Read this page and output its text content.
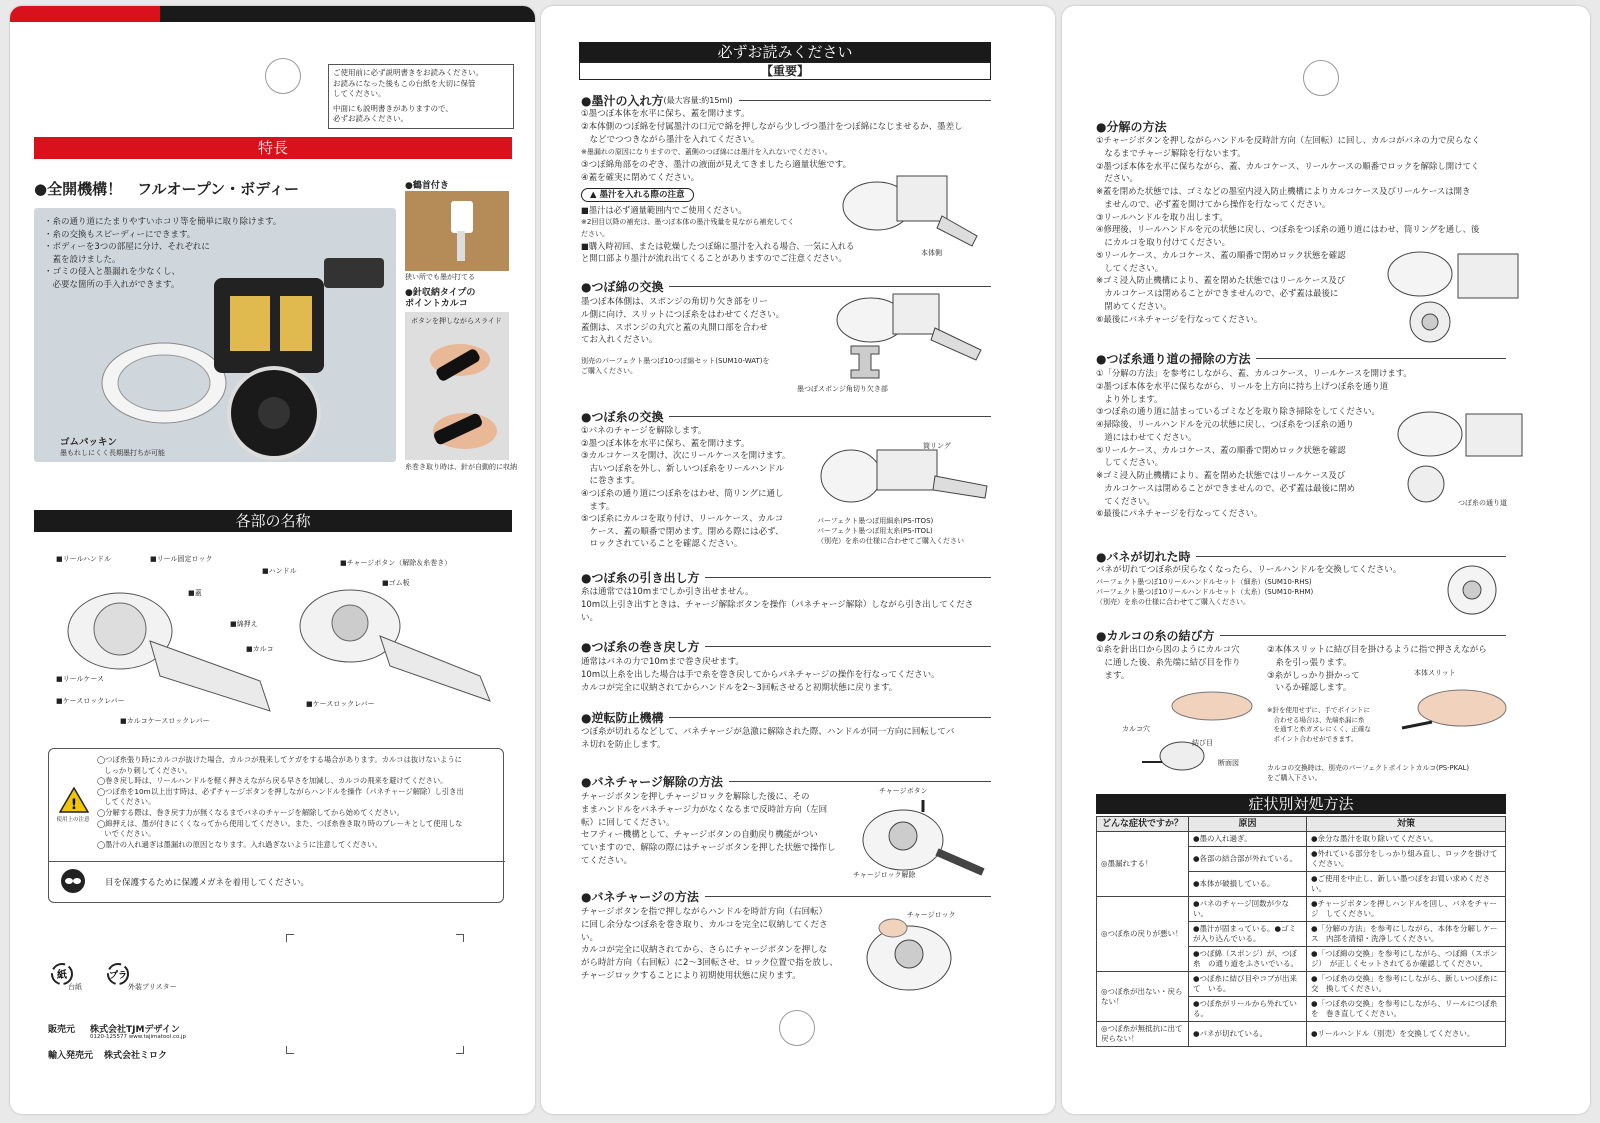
ご使用前に必ず説明書きをお読みください。
お読みになった後もこの台紙を大切に保管
してください。
中面にも説明書きがありますので、
必ずお読みください。
特長
●全開機構！　フルオープン・ボディー
・糸の通り道にたまりやすいホコリ等を簡単に取り除けます。
・糸の交換もスピーディーにできます。
・ボディーを3つの部屋に分け、それぞれに
　蓋を設けました。
・ゴミの侵入と墨漏れを少なくし、
　必要な箇所の手入れができます。
ゴムパッキン
墨もれしにくく長期墨打ちが可能
●鶴首付き
狭い所でも墨が打てる
●針収納タイプの
ポイントカルコ
ボタンを押しながらスライド
糸巻き取り時は、針が自動的に収納
各部の名称
■リールハンドル	■リール固定ロック
■蓋
■綿押え
■カルコ
■リールケース
■ケースロックレバー
■カルコケースロックレバー
■チャージボタン（解除＆糸巻き）
■ハンドル
■ゴム板
■ケースロックレバー
!
使用上の注意
◯つぼ糸張り時にカルコが抜けた場合、カルコが飛来してケガをする場合があります。カルコは抜けないように
　しっかり刺してください。
◯巻き戻し時は、リールハンドルを軽く押さえながら戻る早さを加減し、カルコの飛来を避けてください。
◯つぼ糸を10m以上出す時は、必ずチャージボタンを押しながらハンドルを操作（パネチャージ解除）し引き出
　してください。
◯分解する際は、巻き戻す力が無くなるまでバネのチャージを解除してから始めてください。
◯綿押えは、墨が付きにくくなってから使用してください。また、つぼ糸巻き取り時のブレーキとして使用しな
　いでください。
◯墨汁の入れ過ぎは墨漏れの原因となります。入れ過ぎないように注意してください。
目を保護するために保護メガネを着用してください。
紙
台紙
プラ
外装ブリスター
販売元 株式会社TJMデザイン
0120-125577 www.tajimatool.co.jp
輸入発売元 株式会社ミロク
必ずお読みください
【重要】
●墨汁の入れ方 (最大容量:約15ml)
①墨つぼ本体を水平に保ち、蓋を開けます。
②本体側のつぼ綿を付属墨汁の口元で綿を押しながら少しづつ墨汁をつぼ綿になじませるか、墨差し
　などでつつきながら墨汁を入れてください。
※墨漏れの原因になりますので、蓋側のつぼ綿には墨汁を入れないでください。
③つぼ綿角部をのぞき、墨汁の液面が見えてきましたら適量状態です。
④蓋を確実に閉めてください。
▲ 墨汁を入れる際の注意
■墨汁は必ず適量範囲内でご使用ください。
※2回目以降の補充は、墨つぼ本体の墨汁残量を見ながら補充してく
ださい。
■購入時初回、または乾燥したつぼ綿に墨汁を入れる場合、一気に入れる
と開口部より墨汁が流れ出てくることがありますのでご注意ください。	本体側
●つぼ綿の交換
墨つぼ本体側は、スポンジの角切り欠き部をリー
ル側に向け、スリットにつぼ糸をはわせてください。
蓋側は、スポンジの丸穴と蓋の丸開口部を合わせ
てお入れください。
別売のパーフェクト墨つぼ10つぼ綿セット(SUM10-WAT)を
ご購入ください。
墨つぼスポンジ角切り欠き部
●つぼ糸の交換
①バネのチャージを解除します。
②墨つぼ本体を水平に保ち、蓋を開けます。
③カルコケースを開け、次にリールケースを開けます。
　古いつぼ糸を外し、新しいつぼ糸をリールハンドル
　に巻きます。
④つぼ糸の通り道につぼ糸をはわせ、筒リングに通し
　ます。
⑤つぼ糸にカルコを取り付け、リールケース、カルコ
　ケース、蓋の順番で閉めます。閉める際には必ず、
　ロックされていることを確認ください。
筒リング
パーフェクト墨つぼ用細糸(PS-ITOS)
パーフェクト墨つぼ用太糸(PS-ITOL)
（別売）を糸の仕様に合わせてご購入ください
●つぼ糸の引き出し方
糸は通常では10mまでしか引き出せません。
10m以上引き出すときは、チャージ解除ボタンを操作（パネチャージ解除）しながら引き出してくださ
い。
●つぼ糸の巻き戻し方
通常はバネの力で10mまで巻き戻せます。
10m以上糸を出した場合は手で糸を巻き戻してからパネチャージの操作を行なってください。
カルコが完全に収納されてからハンドルを2～3回転させると初期状態に戻ります。
●逆転防止機構
つぼ糸が切れるなどして、バネチャージが急激に解除された際、ハンドルが同一方向に回転してバ
ネ切れを防止します。
●バネチャージ解除の方法
チャージボタンを押しチャージロックを解除した後に、その
ままハンドルをバネチャージ力がなくなるまで反時計方向（左回
転）に回してください。
セフティー機構として、チャージボタンの自動戻り機能がつい
ていますので、解除の際にはチャージボタンを押した状態で操作し
てください。
チャージボタン
チャージロック解除
●バネチャージの方法
チャージボタンを指で押しながらハンドルを時計方向（右回転）
に回し余分なつぼ糸を巻き取り、カルコを完全に収納してくださ
い。
カルコが完全に収納されてから、さらにチャージボタンを押しな
がら時計方向（右回転）に2～3回転させ、ロック位置で指を放し、
チャージロックすることにより初期使用状態に戻ります。
チャージロック
●分解の方法
①チャージボタンを押しながらハンドルを反時計方向（左回転）に回し、カルコがバネの力で戻らなく
　なるまでチャージ解除を行ないます。
②墨つぼ本体を水平に保ちながら、蓋、カルコケース、リールケースの順番でロックを解除し開けてく
　ださい。
※蓋を閉めた状態では、ゴミなどの墨室内浸入防止機構によりカルコケース及びリールケースは開き
　ませんので、必ず蓋を開けてから操作を行なってください。
③リールハンドルを取り出します。
④修理後、リールハンドルを元の状態に戻し、つぼ糸をつぼ糸の通り道にはわせ、筒リングを通し、後
　にカルコを取り付けてください。
⑤リールケース、カルコケース、蓋の順番で閉めロック状態を確認
　してください。
※ゴミ浸入防止機構により、蓋を閉めた状態ではリールケース及び
　カルコケースは閉めることができませんので、必ず蓋は最後に
　閉めてください。
⑥最後にバネチャージを行なってください。
●つぼ糸通り道の掃除の方法
①「分解の方法」を参考にしながら、蓋、カルコケース、リールケースを開けます。
②墨つぼ本体を水平に保ちながら、リールを上方向に持ち上げつぼ糸を通り道
　より外します。
③つぼ糸の通り道に詰まっているゴミなどを取り除き掃除をしてください。
④掃除後、リールハンドルを元の状態に戻し、つぼ糸をつぼ糸の通り
　道にはわせてください。
⑤リールケース、カルコケース、蓋の順番で閉めロック状態を確認
　してください。
※ゴミ浸入防止機構により、蓋を閉めた状態ではリールケース及び
　カルコケースは閉めることができませんので、必ず蓋は最後に閉め
　てください。
⑥最後にパネチャージを行なってください。
つぼ糸の通り道
●バネが切れた時
バネが切れてつぼ糸が戻らなくなったら、リールハンドルを交換してください。
パーフェクト墨つぼ10リールハンドルセット（細糸）(SUM10-RHS)
パーフェクト墨つぼ10リールハンドルセット（太糸）(SUM10-RHM)
（別売）を糸の仕様に合わせてご購入ください。
●カルコの糸の結び方
①糸を針出口から図のようにカルコ穴
　に通した後、糸先端に結び目を作り
　ます。
②本体スリットに結び目を掛けるように指で押さえながら
　糸を引っ張ります。
③糸がしっかり掛かって
　いるか確認します。
カルコ穴
結び目
断面図
本体スリット
※針を使用せずに、手でポイントに
　合わせる場合は、先端糸漏に糸
　を通すと糸ガズレにくく、正確な
　ポイント合わせができます。
カルコの交換時は、別売のパーフェクトポイントカルコ(PS-PKAL)
をご購入下さい。
症状別対処方法
どんな症状ですか？	原因	対策
◎墨漏れする！	●墨の入れ過ぎ。	●余分な墨汁を取り除いてください。
	●各部の結合部が外れている。	●外れている部分をしっかり組み直し、ロックを掛けて　ください。
	●本体が破損している。	●ご使用を中止し、新しい墨つぼをお買い求めください。
◎つぼ糸の戻りが悪い！	●バネのチャージ回数が少ない。	●チャージボタンを押しハンドルを回し、バネをチャージ　してください。
	●墨汁が固まっている。●ゴミが入り込んでいる。	●「分解の方法」を参考にしながら、本体を分解しケース　内部を清掃・洗浄してください。
	●つぼ綿（スポンジ）が、つぼ糸　の通り道をふさいでいる。	●「つぼ綿の交換」を参考にしながら、つぼ綿（スポンジ）　が正しくセットされてるか確認してください。
◎つぼ糸が出ない・戻らない！	●つぼ糸に結び目やコブが出来て　いる。	●「つぼ糸の交換」を参考にしながら、新しいつぼ糸に交　換してください。
	●つぼ糸がリールから外れている。	●「つぼ糸の交換」を参考にしながら、リールにつぼ糸を　巻き直してください。
◎つぼ糸が無抵抗に出て戻らない！	●バネが切れている。	●リールハンドル（別売）を交換してください。
